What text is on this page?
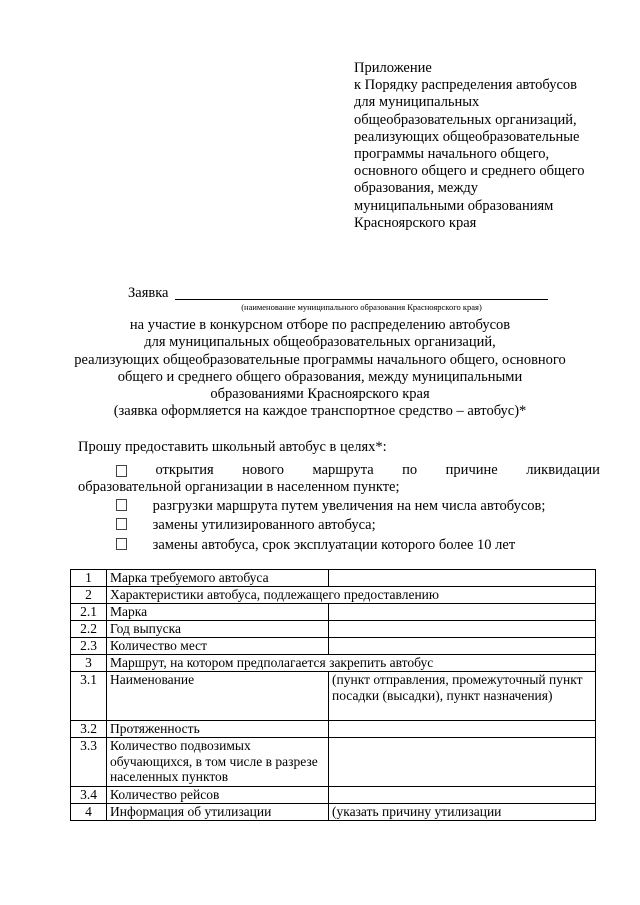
Приложение
к Порядку распределения автобусов
для муниципальных
общеобразовательных организаций,
реализующих общеобразовательные
программы начального общего,
основного общего и среднего общего
образования, между
муниципальными образованиям
Красноярского края
Заявка
(наименование муниципального образования Красноярского края)
на участие в конкурсном отборе по распределению автобусов
для муниципальных общеобразовательных организаций,
реализующих общеобразовательные программы начального общего, основного
общего и среднего общего образования, между муниципальными
образованиями Красноярского края
(заявка оформляется на каждое транспортное средство – автобус)*
Прошу предоставить школьный автобус в целях*:
открытия нового маршрута по причине ликвидации
образовательной организации в населенном пункте;
разгрузки маршрута путем увеличения на нем числа автобусов;
замены утилизированного автобуса;
замены автобуса, срок эксплуатации которого более 10 лет
1	Марка требуемого автобуса	
2	Характеристики автобуса, подлежащего предоставлению	
2.1	Марка	
2.2	Год выпуска	
2.3	Количество мест	
3	Маршрут, на котором предполагается закрепить автобус	
3.1	Наименование	(пункт отправления, промежуточный пункт посадки (высадки), пункт назначения)
3.2	Протяженность	
3.3	Количество подвозимых обучающихся, в том числе в разрезе населенных пунктов	
3.4	Количество рейсов	
4	Информация об утилизации	(указать причину утилизации
